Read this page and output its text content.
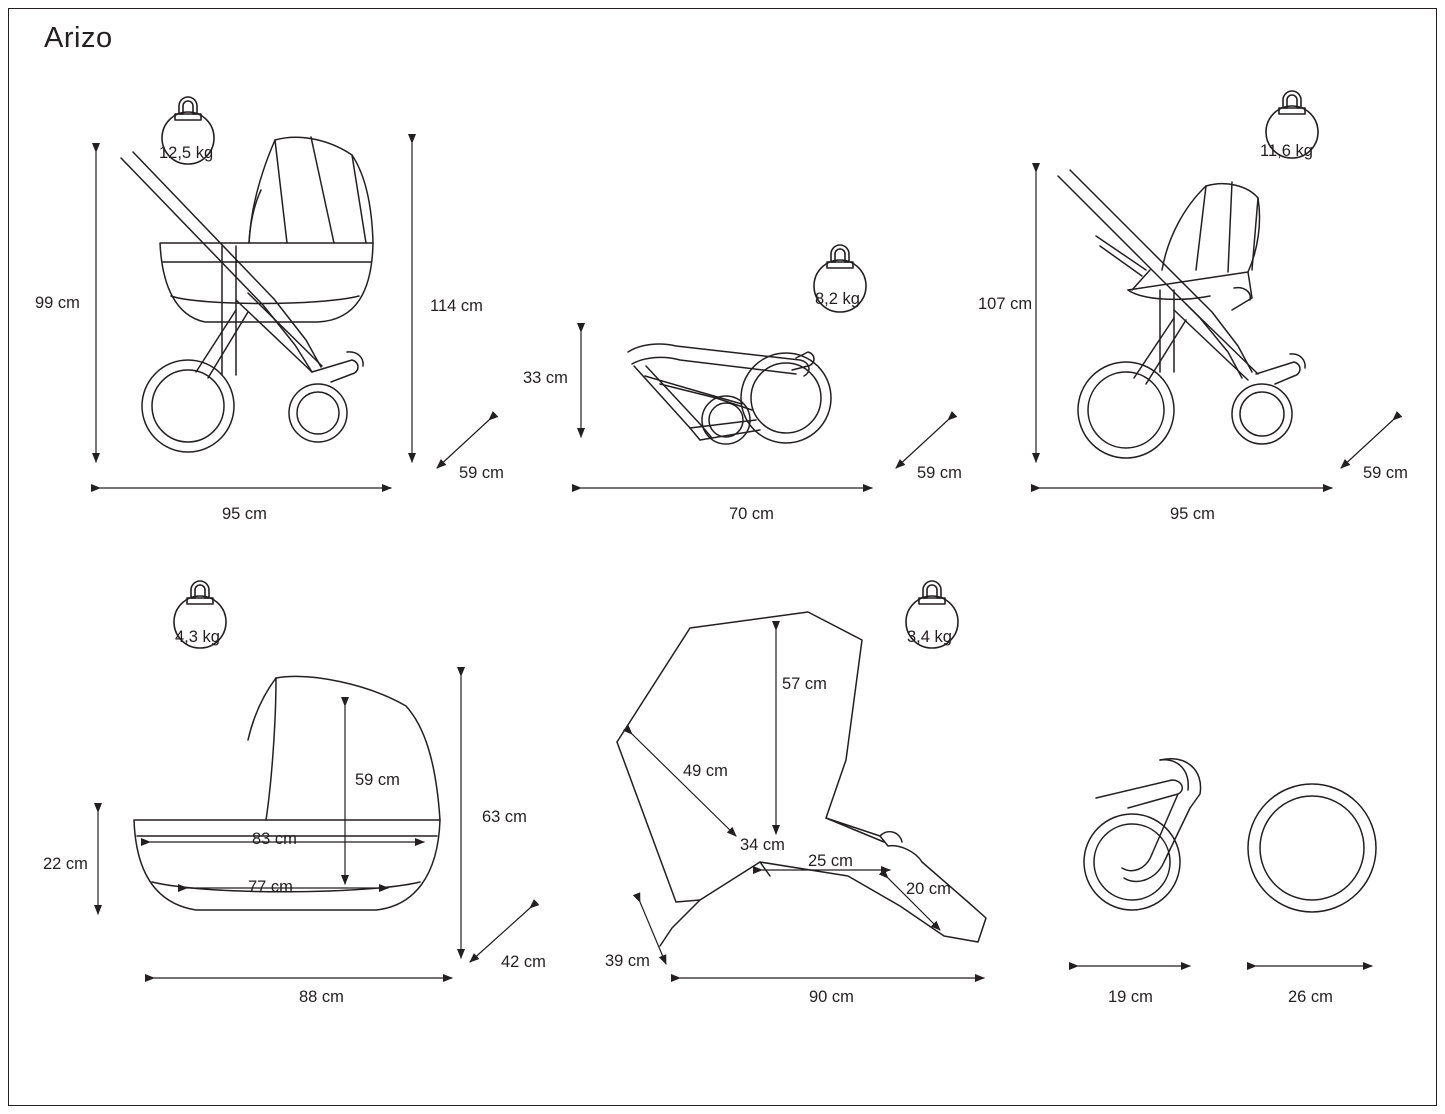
Arizo
12,5 kg
8,2 kg
11,6 kg
4,3 kg	3,4 kg
99 cm	114 cm
59 cm
95 cm
33 cm
59 cm
70 cm
107 cm
59 cm
95 cm
59 cm
63 cm
22 cm
83 cm
77 cm
88 cm
42 cm
57 cm
49 cm
34 cm
25 cm
20 cm
39 cm
90 cm	19 cm	26 cm
